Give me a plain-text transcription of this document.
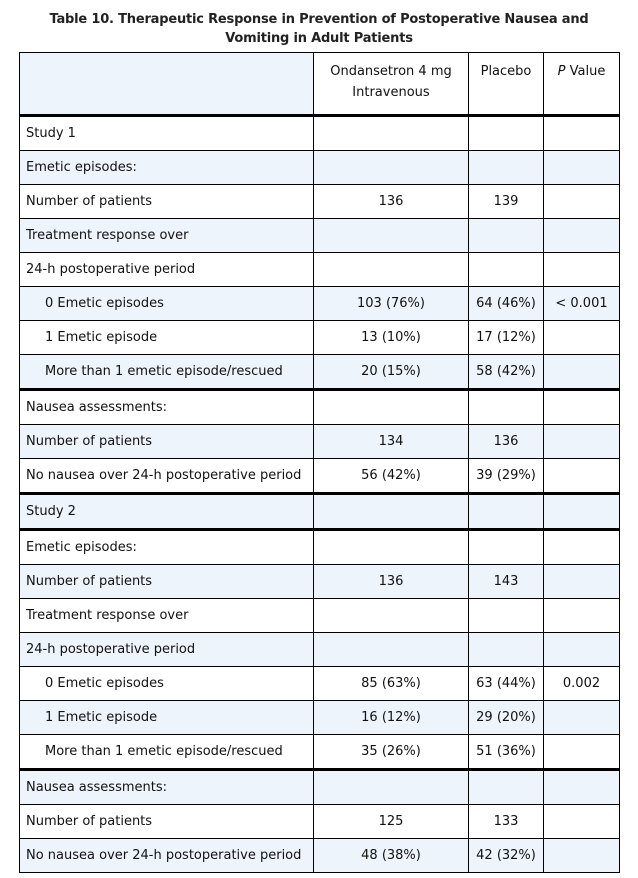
Table 10. Therapeutic Response in Prevention of Postoperative Nausea and Vomiting in Adult Patients
	Ondansetron 4 mg Intravenous	Placebo	P Value
Study 1			
Emetic episodes:			
Number of patients	136	139	
Treatment response over			
24-h postoperative period			
0 Emetic episodes	103 (76%)	64 (46%)	< 0.001
1 Emetic episode	13 (10%)	17 (12%)	
More than 1 emetic episode/rescued	20 (15%)	58 (42%)	
Nausea assessments:			
Number of patients	134	136	
No nausea over 24-h postoperative period	56 (42%)	39 (29%)	
Study 2			
Emetic episodes:			
Number of patients	136	143	
Treatment response over			
24-h postoperative period			
0 Emetic episodes	85 (63%)	63 (44%)	0.002
1 Emetic episode	16 (12%)	29 (20%)	
More than 1 emetic episode/rescued	35 (26%)	51 (36%)	
Nausea assessments:			
Number of patients	125	133	
No nausea over 24-h postoperative period	48 (38%)	42 (32%)	
